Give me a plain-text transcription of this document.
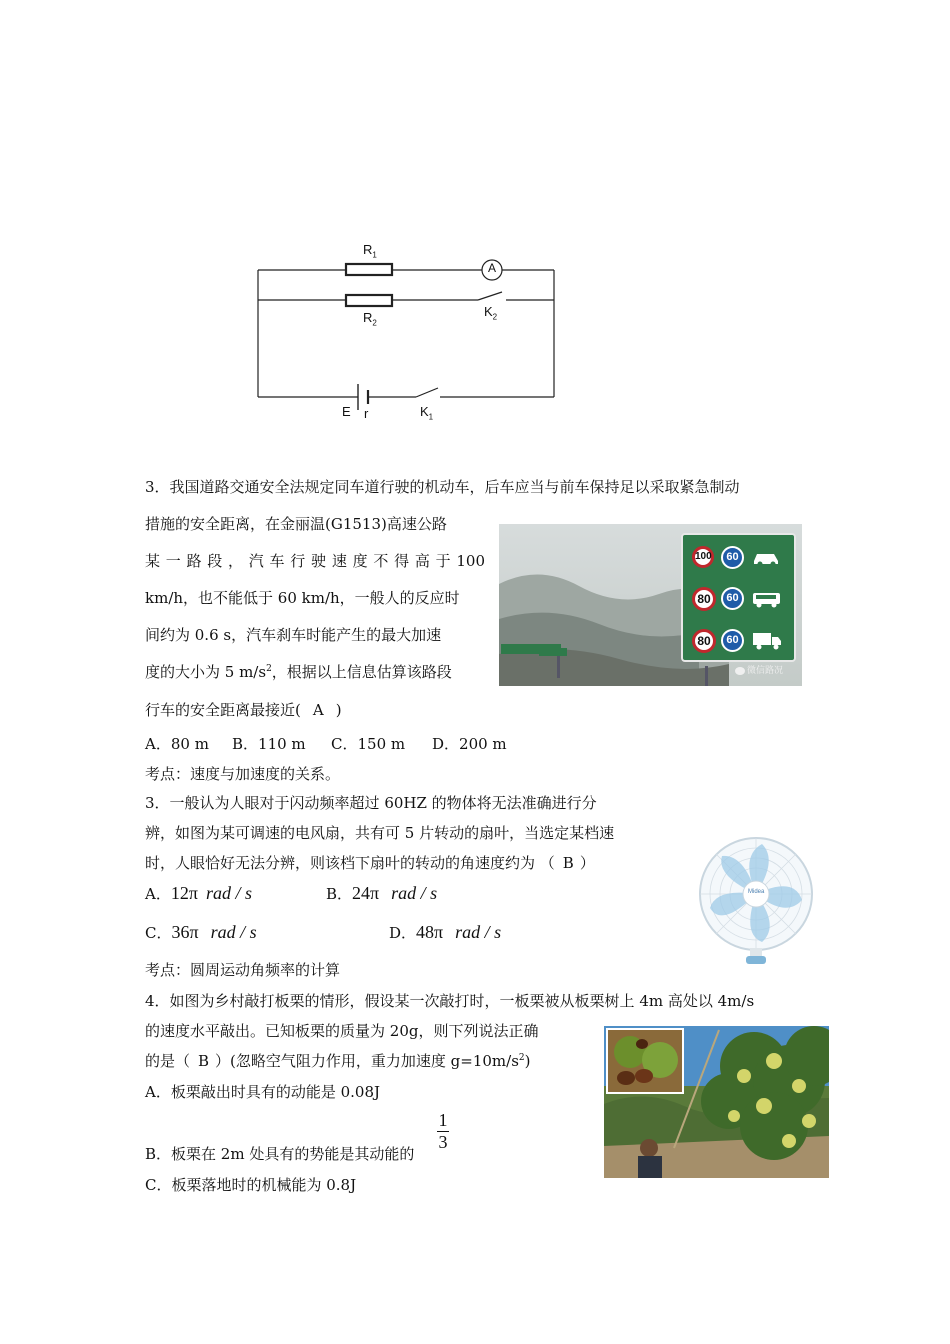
$R_1$
A
$R_2$
$K_2$
E r	$K_1$
3．我国道路交通安全法规定同车道行驶的机动车，后车应当与前车保持足以采取紧急制动
措施的安全距离，在金丽温(G1513)高速公路
某一路段，汽车行驶速度不得高于100
km/h，也不能低于 60 km/h，一般人的反应时
间约为 0.6 s，汽车刹车时能产生的最大加速
度的大小为 5 $m/s^2$，根据以上信息估算该路段
行车的安全距离最接近( A )
A．80 m B．110 m C．150 m D．200 m
考点：速度与加速度的关系。
100	60
80	60
80	60
微信路况
3．一般认为人眼对于闪动频率超过 60HZ 的物体将无法准确进行分
辨，如图为某可调速的电风扇，共有可 5 片转动的扇叶，当选定某档速
时，人眼恰好无法分辨，则该档下扇叶的转动的角速度约为 （ B ）
A．12π rad / s	B．24π rad / s
C．36π rad / s	D．48π rad / s
考点：圆周运动角频率的计算
Midea
4．如图为乡村敲打板栗的情形，假设某一次敲打时，一板栗被从板栗树上 4m 高处以 4m/s
的速度水平敲出。已知板栗的质量为 20g，则下列说法正确
的是（ B ）(忽略空气阻力作用，重力加速度 $g=10m/s^2$)
A．板栗敲出时具有的动能是 0.08J
B．板栗在 2m 处具有的势能是其动能的
1
3
C．板栗落地时的机械能为 0.8J
